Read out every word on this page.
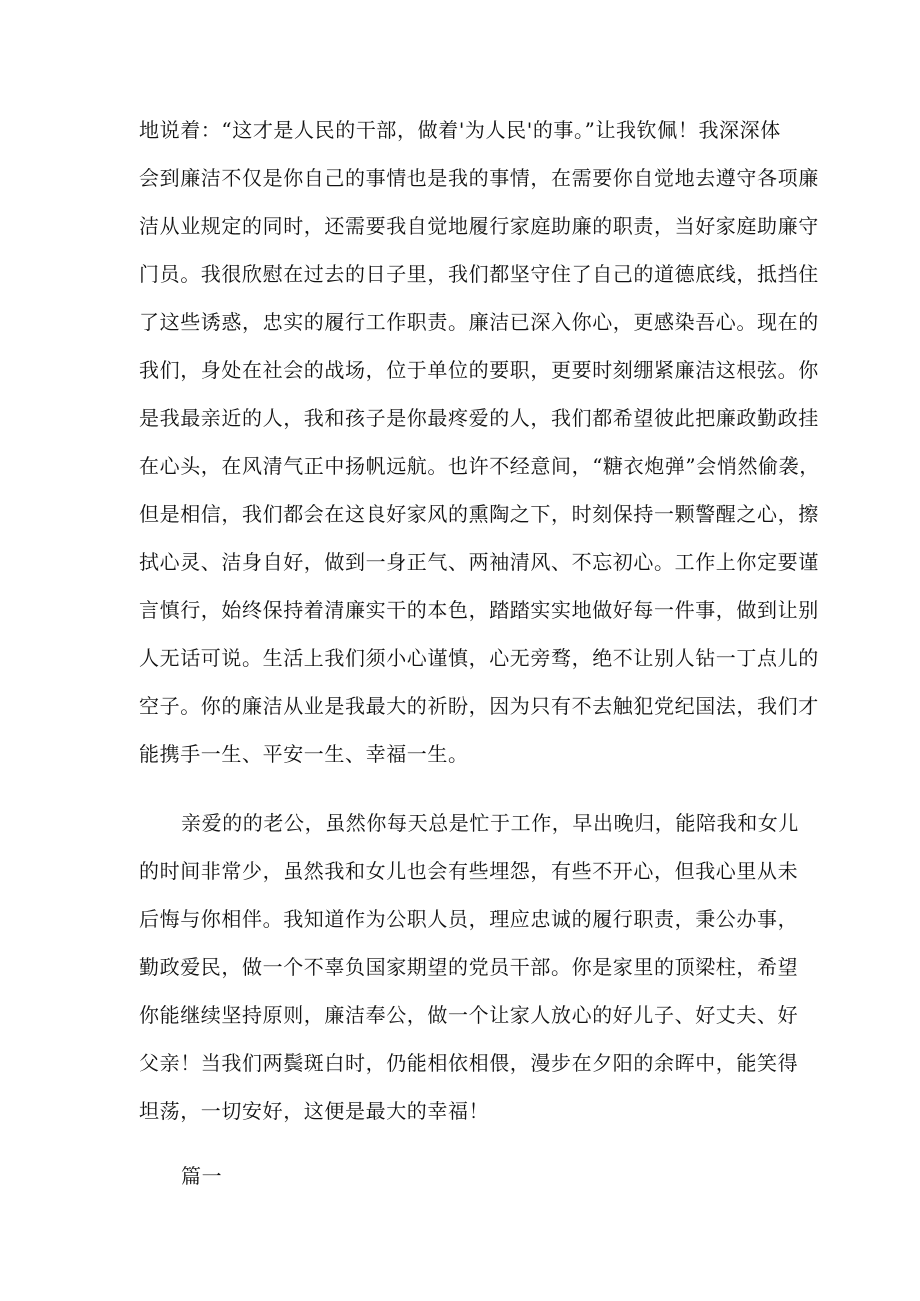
地说着：“这才是人民的干部，做着'为人民'的事。”让我钦佩！我深深体
会到廉洁不仅是你自己的事情也是我的事情，在需要你自觉地去遵守各项廉
洁从业规定的同时，还需要我自觉地履行家庭助廉的职责，当好家庭助廉守
门员。我很欣慰在过去的日子里，我们都坚守住了自己的道德底线，抵挡住
了这些诱惑，忠实的履行工作职责。廉洁已深入你心，更感染吾心。现在的
我们，身处在社会的战场，位于单位的要职，更要时刻绷紧廉洁这根弦。你
是我最亲近的人，我和孩子是你最疼爱的人，我们都希望彼此把廉政勤政挂
在心头，在风清气正中扬帆远航。也许不经意间，“糖衣炮弹”会悄然偷袭，
但是相信，我们都会在这良好家风的熏陶之下，时刻保持一颗警醒之心，擦
拭心灵、洁身自好，做到一身正气、两袖清风、不忘初心。工作上你定要谨
言慎行，始终保持着清廉实干的本色，踏踏实实地做好每一件事，做到让别
人无话可说。生活上我们须小心谨慎，心无旁骛，绝不让别人钻一丁点儿的
空子。你的廉洁从业是我最大的祈盼，因为只有不去触犯党纪国法，我们才
能携手一生、平安一生、幸福一生。
亲爱的的老公，虽然你每天总是忙于工作，早出晚归，能陪我和女儿
的时间非常少，虽然我和女儿也会有些埋怨，有些不开心，但我心里从未
后悔与你相伴。我知道作为公职人员，理应忠诚的履行职责，秉公办事，
勤政爱民，做一个不辜负国家期望的党员干部。你是家里的顶梁柱，希望
你能继续坚持原则，廉洁奉公，做一个让家人放心的好儿子、好丈夫、好
父亲！当我们两鬓斑白时，仍能相依相偎，漫步在夕阳的余晖中，能笑得
坦荡，一切安好，这便是最大的幸福！
篇一
